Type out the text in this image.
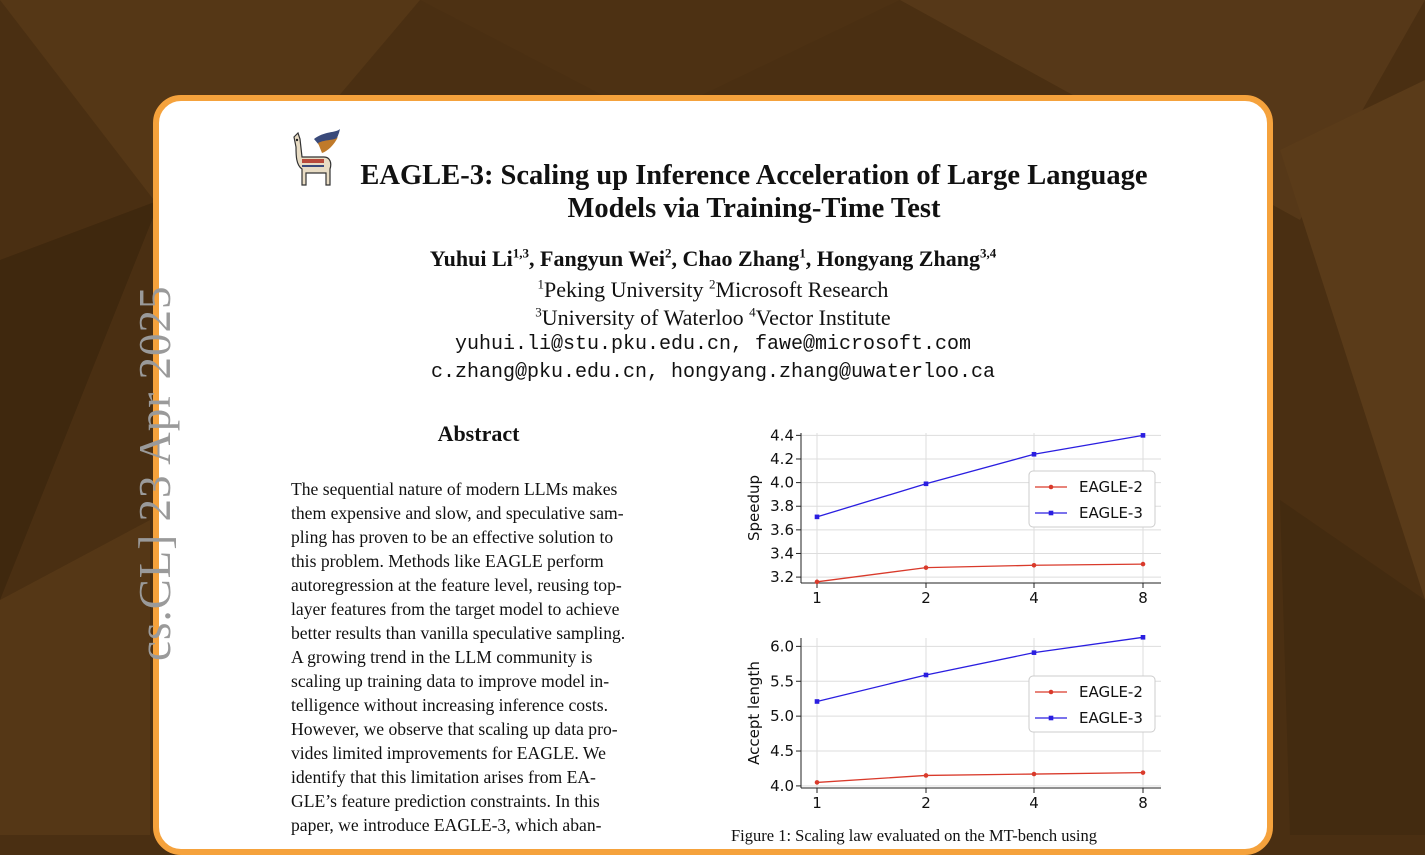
cs.CL] 23 Apr 2025
EAGLE-3: Scaling up Inference Acceleration of Large Language
Models via Training-Time Test
Yuhui Li$^{1,3}$, Fangyun Wei$^2$, Chao Zhang$^1$, Hongyang Zhang$^{3,4}$
$^1$Peking University $^2$Microsoft Research
$^3$University of Waterloo $^4$Vector Institute
yuhui.li@stu.pku.edu.cn, fawe@microsoft.com
c.zhang@pku.edu.cn, hongyang.zhang@uwaterloo.ca
Abstract
The sequential nature of modern LLMs makes
them expensive and slow, and speculative sam-
pling has proven to be an effective solution to
this problem. Methods like EAGLE perform
autoregression at the feature level, reusing top-
layer features from the target model to achieve
better results than vanilla speculative sampling.
A growing trend in the LLM community is
scaling up training data to improve model in-
telligence without increasing inference costs.
However, we observe that scaling up data pro-
vides limited improvements for EAGLE. We
identify that this limitation arises from EA-
GLE’s feature prediction constraints. In this
paper, we introduce EAGLE-3, which aban-
3.2
3.4
3.6
3.8
4.0
4.2
4.4
1	2	4	8
Speedup	EAGLE-2
EAGLE-3
4.0
4.5
5.0
5.5
6.0
1	2	4	8
Accept length	EAGLE-2
EAGLE-3
Figure 1: Scaling law evaluated on the MT-bench using
